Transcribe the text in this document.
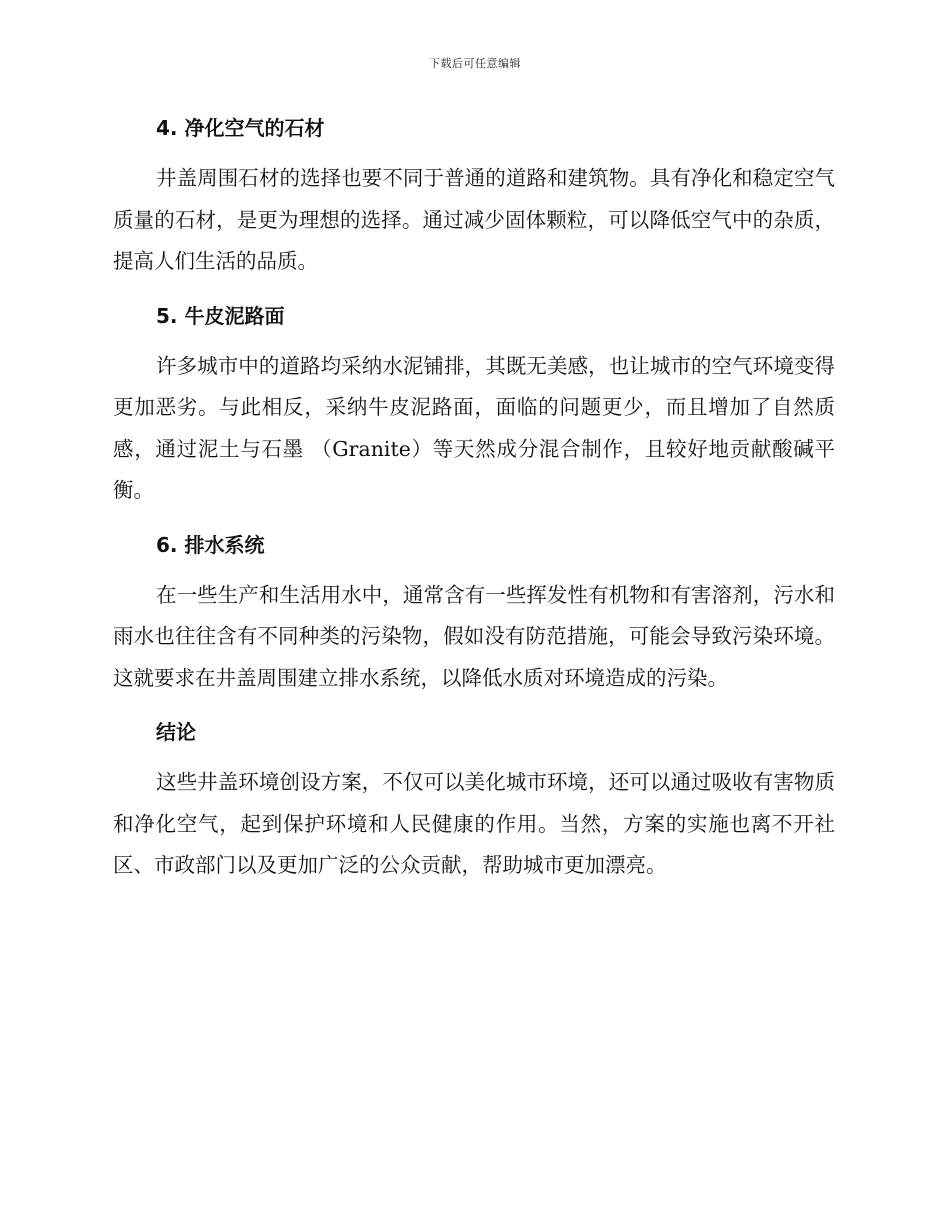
下载后可任意编辑
4. 净化空气的石材

井盖周围石材的选择也要不同于普通的道路和建筑物。具有净化和稳定空气质量的石材，是更为理想的选择。通过减少固体颗粒，可以降低空气中的杂质，提高人们生活的品质。

5. 牛皮泥路面

许多城市中的道路均采纳水泥铺排，其既无美感，也让城市的空气环境变得更加恶劣。与此相反，采纳牛皮泥路面，面临的问题更少，而且增加了自然质感，通过泥土与石墨 （Granite）等天然成分混合制作，且较好地贡献酸碱平衡。

6. 排水系统

在一些生产和生活用水中，通常含有一些挥发性有机物和有害溶剂，污水和雨水也往往含有不同种类的污染物，假如没有防范措施，可能会导致污染环境。这就要求在井盖周围建立排水系统，以降低水质对环境造成的污染。

结论

这些井盖环境创设方案，不仅可以美化城市环境，还可以通过吸收有害物质和净化空气，起到保护环境和人民健康的作用。当然，方案的实施也离不开社区、市政部门以及更加广泛的公众贡献，帮助城市更加漂亮。
